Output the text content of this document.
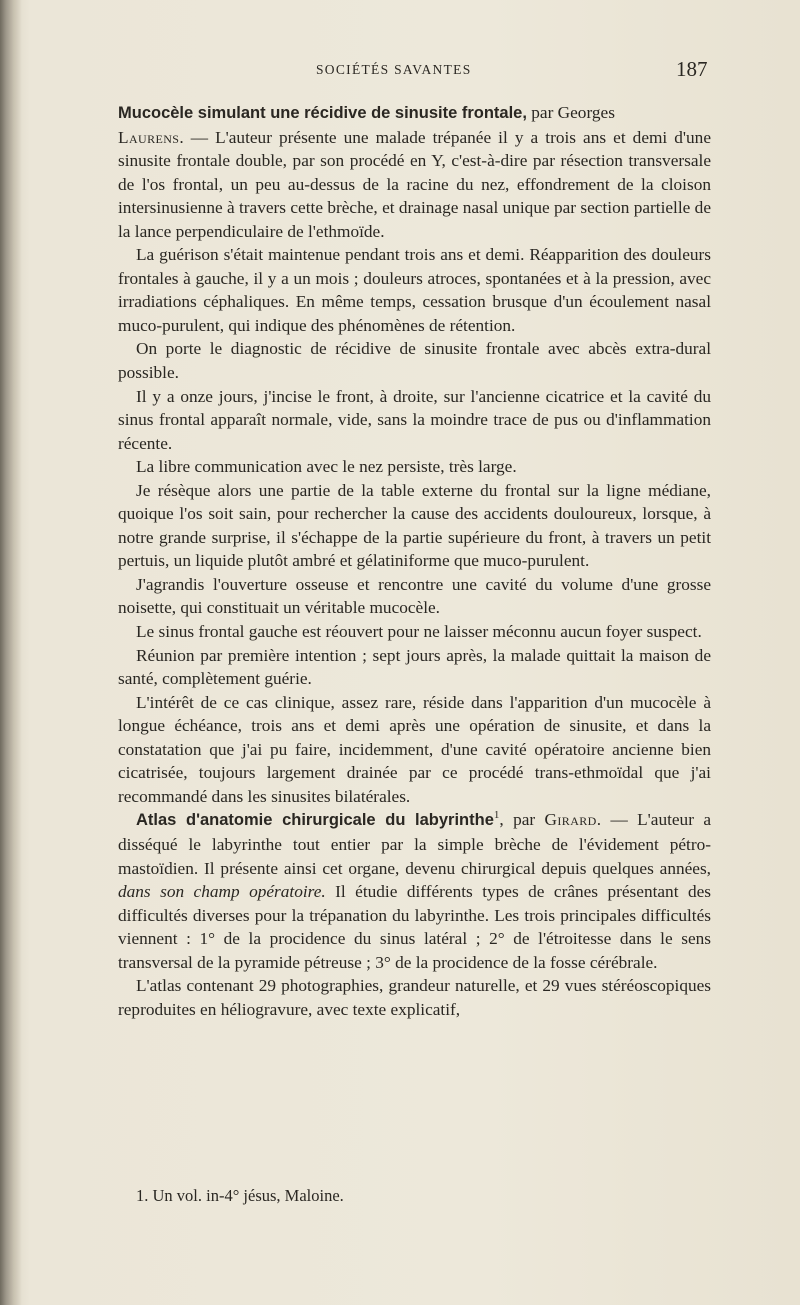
SOCIÉTÉS SAVANTES	187

Mucocèle simulant une récidive de sinusite frontale, par Georges
Laurens. — L'auteur présente une malade trépanée il y a trois ans et demi d'une sinusite frontale double, par son procédé en Y, c'est-à-dire par résection transversale de l'os frontal, un peu au-dessus de la racine du nez, effondrement de la cloison intersinusienne à travers cette brèche, et drainage nasal unique par section partielle de la lance perpendiculaire de l'ethmoïde.

La guérison s'était maintenue pendant trois ans et demi. Réapparition des douleurs frontales à gauche, il y a un mois ; douleurs atroces, spontanées et à la pression, avec irradiations céphaliques. En même temps, cessation brusque d'un écoulement nasal muco-purulent, qui indique des phénomènes de rétention.

On porte le diagnostic de récidive de sinusite frontale avec abcès extra-dural possible.

Il y a onze jours, j'incise le front, à droite, sur l'ancienne cicatrice et la cavité du sinus frontal apparaît normale, vide, sans la moindre trace de pus ou d'inflammation récente.

La libre communication avec le nez persiste, très large.

Je résèque alors une partie de la table externe du frontal sur la ligne médiane, quoique l'os soit sain, pour rechercher la cause des accidents douloureux, lorsque, à notre grande surprise, il s'échappe de la partie supérieure du front, à travers un petit pertuis, un liquide plutôt ambré et gélatiniforme que muco-purulent.

J'agrandis l'ouverture osseuse et rencontre une cavité du volume d'une grosse noisette, qui constituait un véritable mucocèle.

Le sinus frontal gauche est réouvert pour ne laisser méconnu aucun foyer suspect.

Réunion par première intention ; sept jours après, la malade quittait la maison de santé, complètement guérie.

L'intérêt de ce cas clinique, assez rare, réside dans l'apparition d'un mucocèle à longue échéance, trois ans et demi après une opération de sinusite, et dans la constatation que j'ai pu faire, incidemment, d'une cavité opératoire ancienne bien cicatrisée, toujours largement drainée par ce procédé trans-ethmoïdal que j'ai recommandé dans les sinusites bilatérales.

Atlas d'anatomie chirurgicale du labyrinthe$^1$, par Girard. — L'auteur a disséqué le labyrinthe tout entier par la simple brèche de l'évidement pétro-mastoïdien. Il présente ainsi cet organe, devenu chirurgical depuis quelques années, dans son champ opératoire. Il étudie différents types de crânes présentant des difficultés diverses pour la trépanation du labyrinthe. Les trois principales difficultés viennent : 1° de la procidence du sinus latéral ; 2° de l'étroitesse dans le sens transversal de la pyramide pétreuse ; 3° de la procidence de la fosse cérébrale.

L'atlas contenant 29 photographies, grandeur naturelle, et 29 vues stéréoscopiques reproduites en héliogravure, avec texte explicatif,

1. Un vol. in-4° jésus, Maloine.
